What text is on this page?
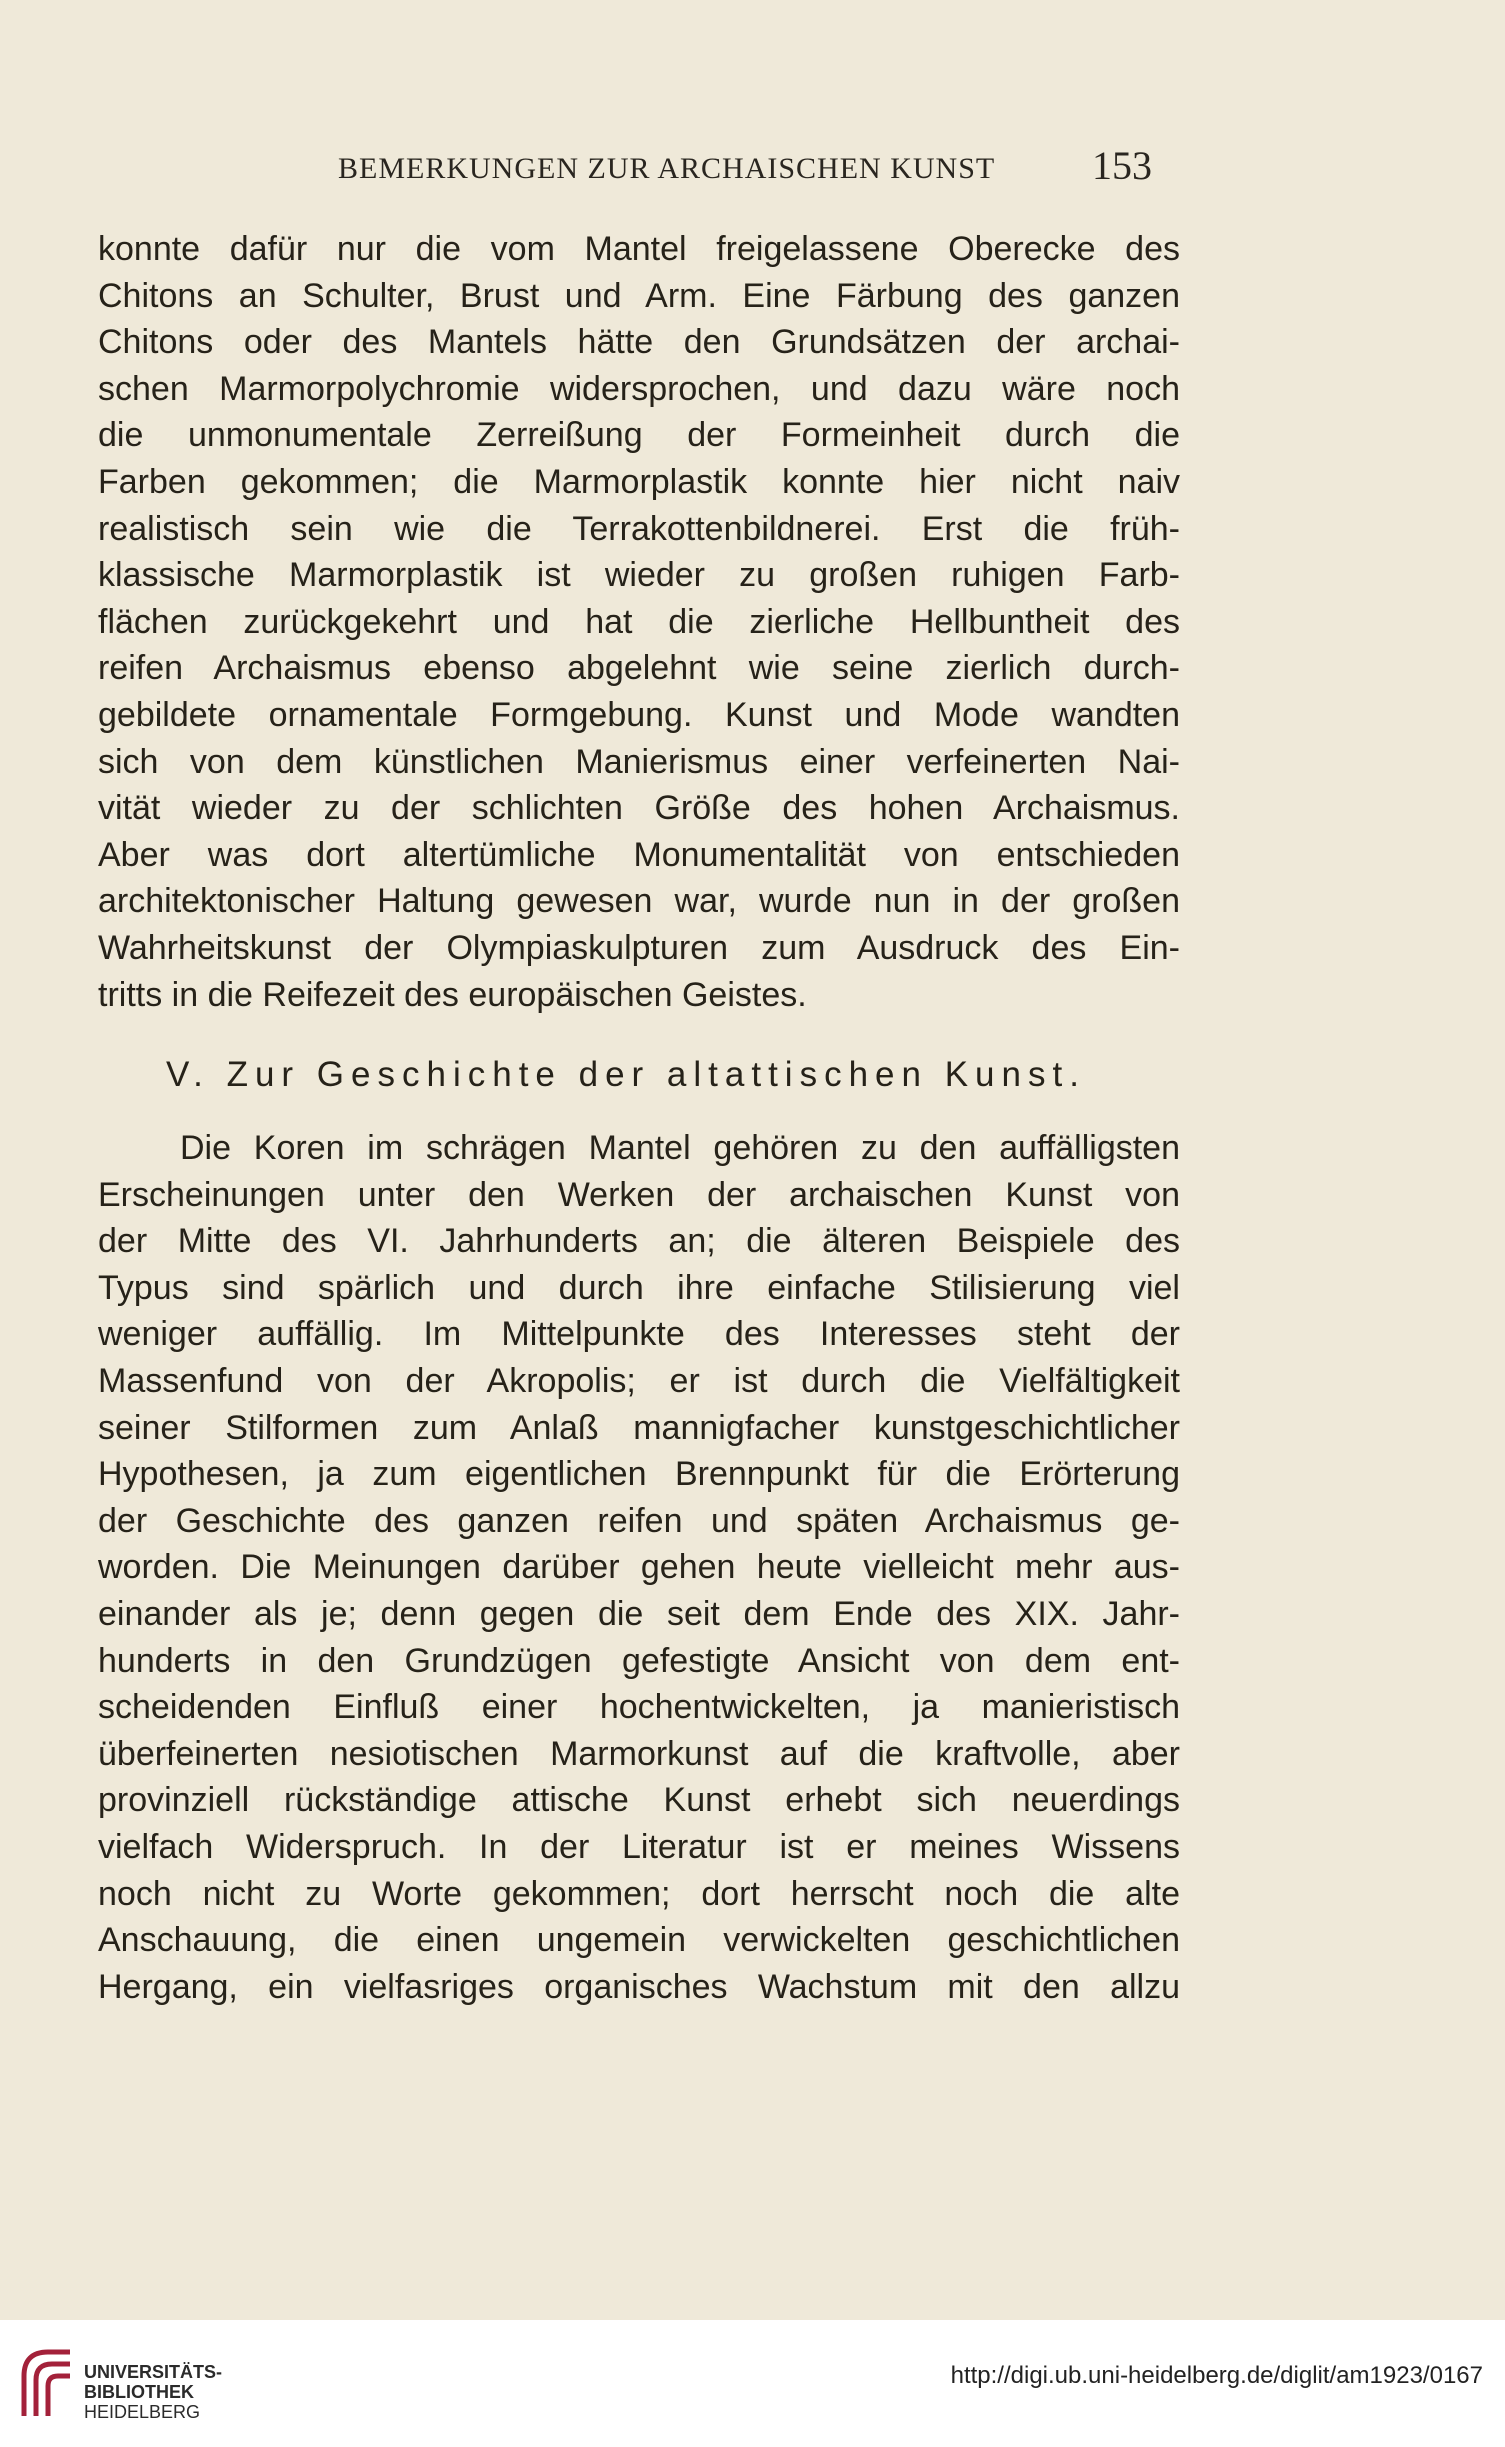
BEMERKUNGEN ZUR ARCHAISCHEN KUNST 153
konnte dafür nur die vom Mantel freigelassene Oberecke des
Chitons an Schulter, Brust und Arm. Eine Färbung des ganzen
Chitons oder des Mantels hätte den Grundsätzen der archai-
schen Marmorpolychromie widersprochen, und dazu wäre noch
die unmonumentale Zerreißung der Formeinheit durch die
Farben gekommen; die Marmorplastik konnte hier nicht naiv
realistisch sein wie die Terrakottenbildnerei. Erst die früh-
klassische Marmorplastik ist wieder zu großen ruhigen Farb-
flächen zurückgekehrt und hat die zierliche Hellbuntheit des
reifen Archaismus ebenso abgelehnt wie seine zierlich durch-
gebildete ornamentale Formgebung. Kunst und Mode wandten
sich von dem künstlichen Manierismus einer verfeinerten Nai-
vität wieder zu der schlichten Größe des hohen Archaismus.
Aber was dort altertümliche Monumentalität von entschieden
architektonischer Haltung gewesen war, wurde nun in der großen
Wahrheitskunst der Olympiaskulpturen zum Ausdruck des Ein-
tritts in die Reifezeit des europäischen Geistes.
V. Zur Geschichte der altattischen Kunst.
Die Koren im schrägen Mantel gehören zu den auffälligsten
Erscheinungen unter den Werken der archaischen Kunst von
der Mitte des VI. Jahrhunderts an; die älteren Beispiele des
Typus sind spärlich und durch ihre einfache Stilisierung viel
weniger auffällig. Im Mittelpunkte des Interesses steht der
Massenfund von der Akropolis; er ist durch die Vielfältigkeit
seiner Stilformen zum Anlaß mannigfacher kunstgeschichtlicher
Hypothesen, ja zum eigentlichen Brennpunkt für die Erörterung
der Geschichte des ganzen reifen und späten Archaismus ge-
worden. Die Meinungen darüber gehen heute vielleicht mehr aus-
einander als je; denn gegen die seit dem Ende des XIX. Jahr-
hunderts in den Grundzügen gefestigte Ansicht von dem ent-
scheidenden Einfluß einer hochentwickelten, ja manieristisch
überfeinerten nesiotischen Marmorkunst auf die kraftvolle, aber
provinziell rückständige attische Kunst erhebt sich neuerdings
vielfach Widerspruch. In der Literatur ist er meines Wissens
noch nicht zu Worte gekommen; dort herrscht noch die alte
Anschauung, die einen ungemein verwickelten geschichtlichen
Hergang, ein vielfasriges organisches Wachstum mit den allzu
UNIVERSITÄTS-
BIBLIOTHEK
HEIDELBERG
http://digi.ub.uni-heidelberg.de/diglit/am1923/0167
